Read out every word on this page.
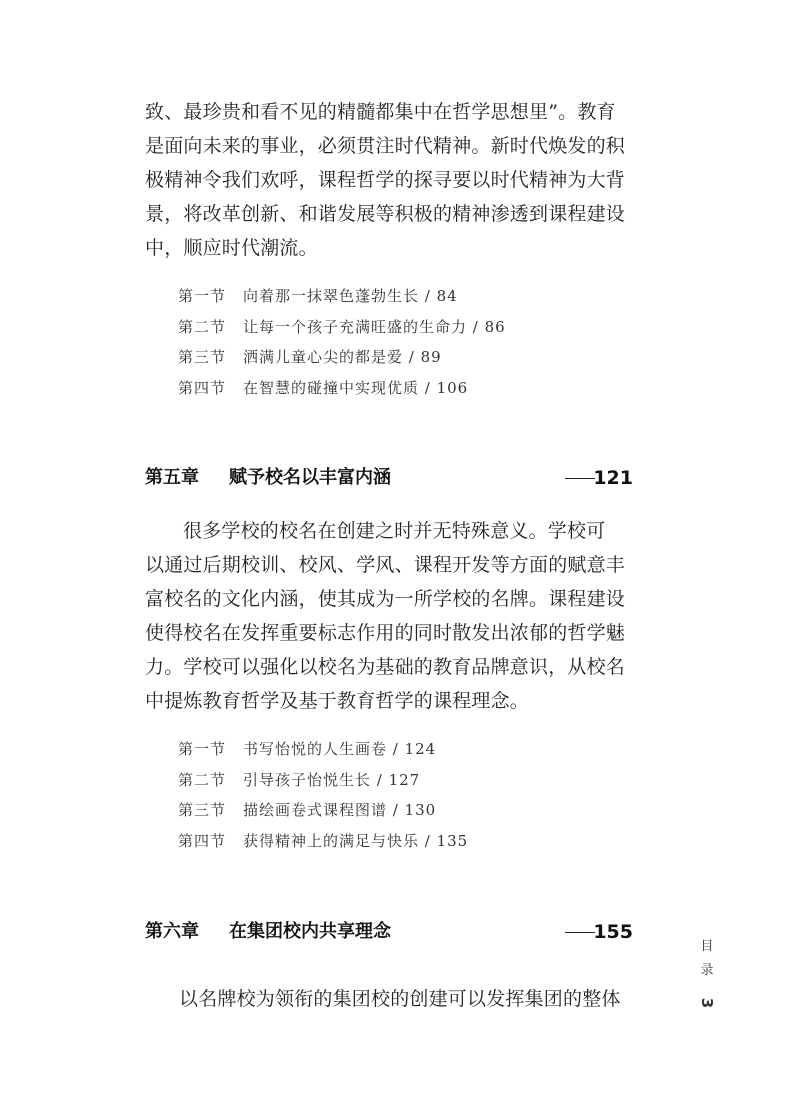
致、最珍贵和看不见的精髓都集中在哲学思想里”。教育
是面向未来的事业，必须贯注时代精神。新时代焕发的积
极精神令我们欢呼，课程哲学的探寻要以时代精神为大背
景，将改革创新、和谐发展等积极的精神渗透到课程建设
中，顺应时代潮流。

第一节 向着那一抹翠色蓬勃生长 / 84
第二节 让每一个孩子充满旺盛的生命力 / 86
第三节 洒满儿童心尖的都是爱 / 89
第四节 在智慧的碰撞中实现优质 / 106
第五章 赋予校名以丰富内涵	121

很多学校的校名在创建之时并无特殊意义。学校可
以通过后期校训、校风、学风、课程开发等方面的赋意丰
富校名的文化内涵，使其成为一所学校的名牌。课程建设
使得校名在发挥重要标志作用的同时散发出浓郁的哲学魅
力。学校可以强化以校名为基础的教育品牌意识，从校名
中提炼教育哲学及基于教育哲学的课程理念。

第一节 书写怡悦的人生画卷 / 124
第二节 引导孩子怡悦生长 / 127
第三节 描绘画卷式课程图谱 / 130
第四节 获得精神上的满足与快乐 / 135
第六章 在集团校内共享理念	155

以名牌校为领衔的集团校的创建可以发挥集团的整体

目
录
3
